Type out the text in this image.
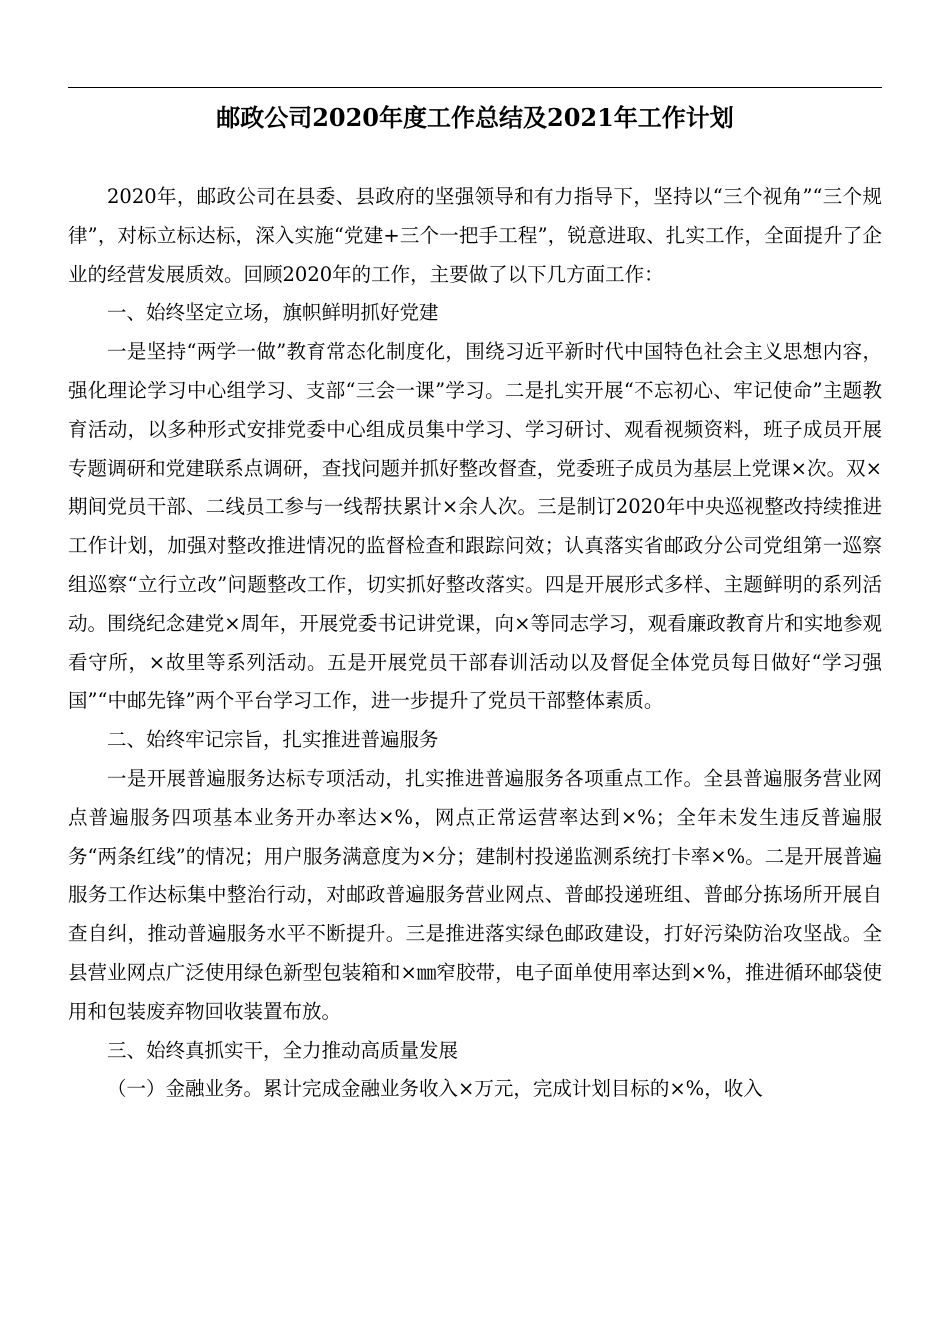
邮政公司2020年度工作总结及2021年工作计划

2020年，邮政公司在县委、县政府的坚强领导和有力指导下，坚持以“三个视角”“三个规律”，对标立标达标，深入实施“党建+三个一把手工程”，锐意进取、扎实工作，全面提升了企业的经营发展质效。回顾2020年的工作，主要做了以下几方面工作：

一、始终坚定立场，旗帜鲜明抓好党建

一是坚持“两学一做”教育常态化制度化，围绕习近平新时代中国特色社会主义思想内容，强化理论学习中心组学习、支部“三会一课”学习。二是扎实开展“不忘初心、牢记使命”主题教育活动，以多种形式安排党委中心组成员集中学习、学习研讨、观看视频资料，班子成员开展专题调研和党建联系点调研，查找问题并抓好整改督查，党委班子成员为基层上党课×次。双×期间党员干部、二线员工参与一线帮扶累计×余人次。三是制订2020年中央巡视整改持续推进工作计划，加强对整改推进情况的监督检查和跟踪问效；认真落实省邮政分公司党组第一巡察组巡察“立行立改”问题整改工作，切实抓好整改落实。四是开展形式多样、主题鲜明的系列活动。围绕纪念建党×周年，开展党委书记讲党课，向×等同志学习，观看廉政教育片和实地参观看守所，×故里等系列活动。五是开展党员干部春训活动以及督促全体党员每日做好“学习强国”“中邮先锋”两个平台学习工作，进一步提升了党员干部整体素质。

二、始终牢记宗旨，扎实推进普遍服务

一是开展普遍服务达标专项活动，扎实推进普遍服务各项重点工作。全县普遍服务营业网点普遍服务四项基本业务开办率达×%，网点正常运营率达到×%；全年未发生违反普遍服务“两条红线”的情况；用户服务满意度为×分；建制村投递监测系统打卡率×%。二是开展普遍服务工作达标集中整治行动，对邮政普遍服务营业网点、普邮投递班组、普邮分拣场所开展自查自纠，推动普遍服务水平不断提升。三是推进落实绿色邮政建设，打好污染防治攻坚战。全县营业网点广泛使用绿色新型包装箱和×㎜窄胶带，电子面单使用率达到×%，推进循环邮袋使用和包装废弃物回收装置布放。

三、始终真抓实干，全力推动高质量发展

（一）金融业务。累计完成金融业务收入×万元，完成计划目标的×%，收入
